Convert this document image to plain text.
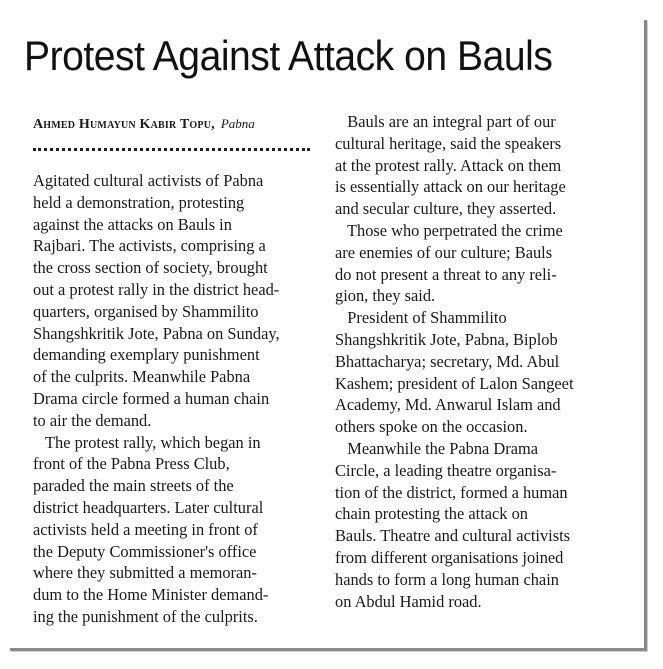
Protest Against Attack on Bauls
Ahmed Humayun Kabir Topu, Pabna

Agitated cultural activists of Pabna

held a demonstration, protesting

against the attacks on Bauls in

Rajbari. The activists, comprising a

the cross section of society, brought

out a protest rally in the district head-

quarters, organised by Shammilito

Shangshkritik Jote, Pabna on Sunday,

demanding exemplary punishment

of the culprits. Meanwhile Pabna

Drama circle formed a human chain

to air the demand.

The protest rally, which began in

front of the Pabna Press Club,

paraded the main streets of the

district headquarters. Later cultural

activists held a meeting in front of

the Deputy Commissioner's office

where they submitted a memoran-

dum to the Home Minister demand-

ing the punishment of the culprits.

Bauls are an integral part of our

cultural heritage, said the speakers

at the protest rally. Attack on them

is essentially attack on our heritage

and secular culture, they asserted.

Those who perpetrated the crime

are enemies of our culture; Bauls

do not present a threat to any reli-

gion, they said.

President of Shammilito

Shangshkritik Jote, Pabna, Biplob

Bhattacharya; secretary, Md. Abul

Kashem; president of Lalon Sangeet

Academy, Md. Anwarul Islam and

others spoke on the occasion.

Meanwhile the Pabna Drama

Circle, a leading theatre organisa-

tion of the district, formed a human

chain protesting the attack on

Bauls. Theatre and cultural activists

from different organisations joined

hands to form a long human chain

on Abdul Hamid road.
